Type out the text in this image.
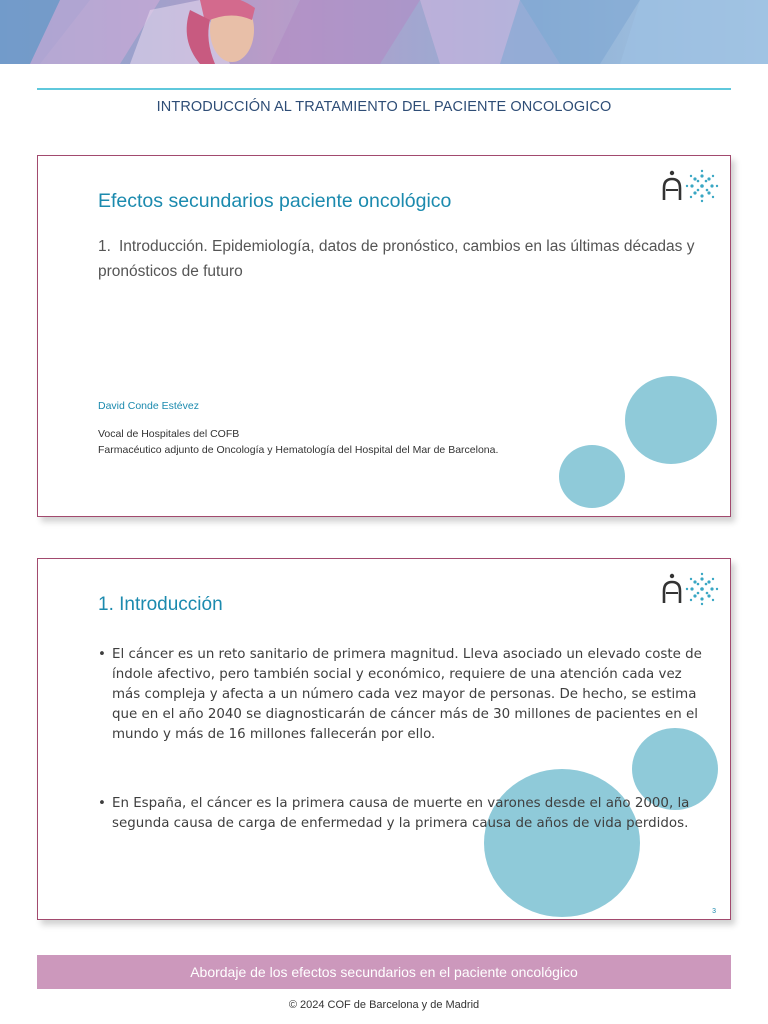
INTRODUCCIÓN AL TRATAMIENTO DEL PACIENTE ONCOLOGICO
Efectos secundarios paciente oncológico
1. Introducción. Epidemiología, datos de pronóstico, cambios en las últimas décadas y pronósticos de futuro
David Conde Estévez
Vocal de Hospitales del COFB
Farmacéutico adjunto de Oncología y Hematología del Hospital del Mar de Barcelona.
1. Introducción
• El cáncer es un reto sanitario de primera magnitud. Lleva asociado un elevado coste de índole afectivo, pero también social y económico, requiere de una atención cada vez más compleja y afecta a un número cada vez mayor de personas. De hecho, se estima que en el año 2040 se diagnosticarán de cáncer más de 30 millones de pacientes en el mundo y más de 16 millones fallecerán por ello.
• En España, el cáncer es la primera causa de muerte en varones desde el año 2000, la segunda causa de carga de enfermedad y la primera causa de años de vida perdidos.
3
Abordaje de los efectos secundarios en el paciente oncológico
© 2024 COF de Barcelona y de Madrid
